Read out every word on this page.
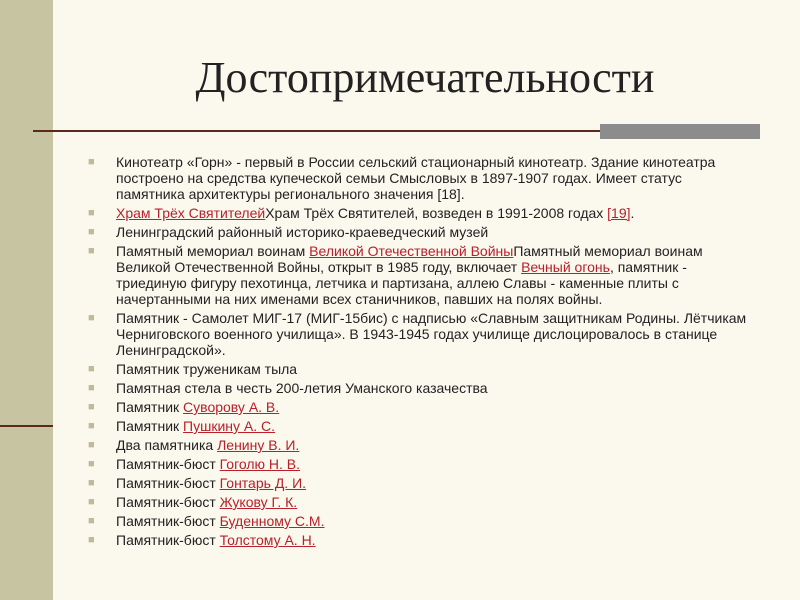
Достопримечательности
■ Кинотеатр «Горн» - первый в России сельский стационарный кинотеатр. Здание кинотеатра построено на средства купеческой семьи Смысловых в 1897-1907 годах. Имеет статус памятника архитектуры регионального значения [18].
■ Храм Трёх СвятителейХрам Трёх Святителей, возведен в 1991-2008 годах [19].
■ Ленинградский районный историко-краеведческий музей
■ Памятный мемориал воинам Великой Отечественной ВойныПамятный мемориал воинам Великой Отечественной Войны, открыт в 1985 году, включает Вечный огонь, памятник - триединую фигуру пехотинца, летчика и партизана, аллею Славы - каменные плиты с начертанными на них именами всех станичников, павших на полях войны.
■ Памятник - Самолет МИГ-17 (МИГ-15бис) с надписью «Славным защитникам Родины. Лётчикам Черниговского военного училища». В 1943-1945 годах училище дислоцировалось в станице Ленинградской».
■ Памятник труженикам тыла
■ Памятная стела в честь 200-летия Уманского казачества
■ Памятник Суворову А. В.
■ Памятник Пушкину А. С.
■ Два памятника Ленину В. И.
■ Памятник-бюст Гоголю Н. В.
■ Памятник-бюст Гонтарь Д. И.
■ Памятник-бюст Жукову Г. К.
■ Памятник-бюст Буденному С.М.
■ Памятник-бюст Толстому А. Н.
